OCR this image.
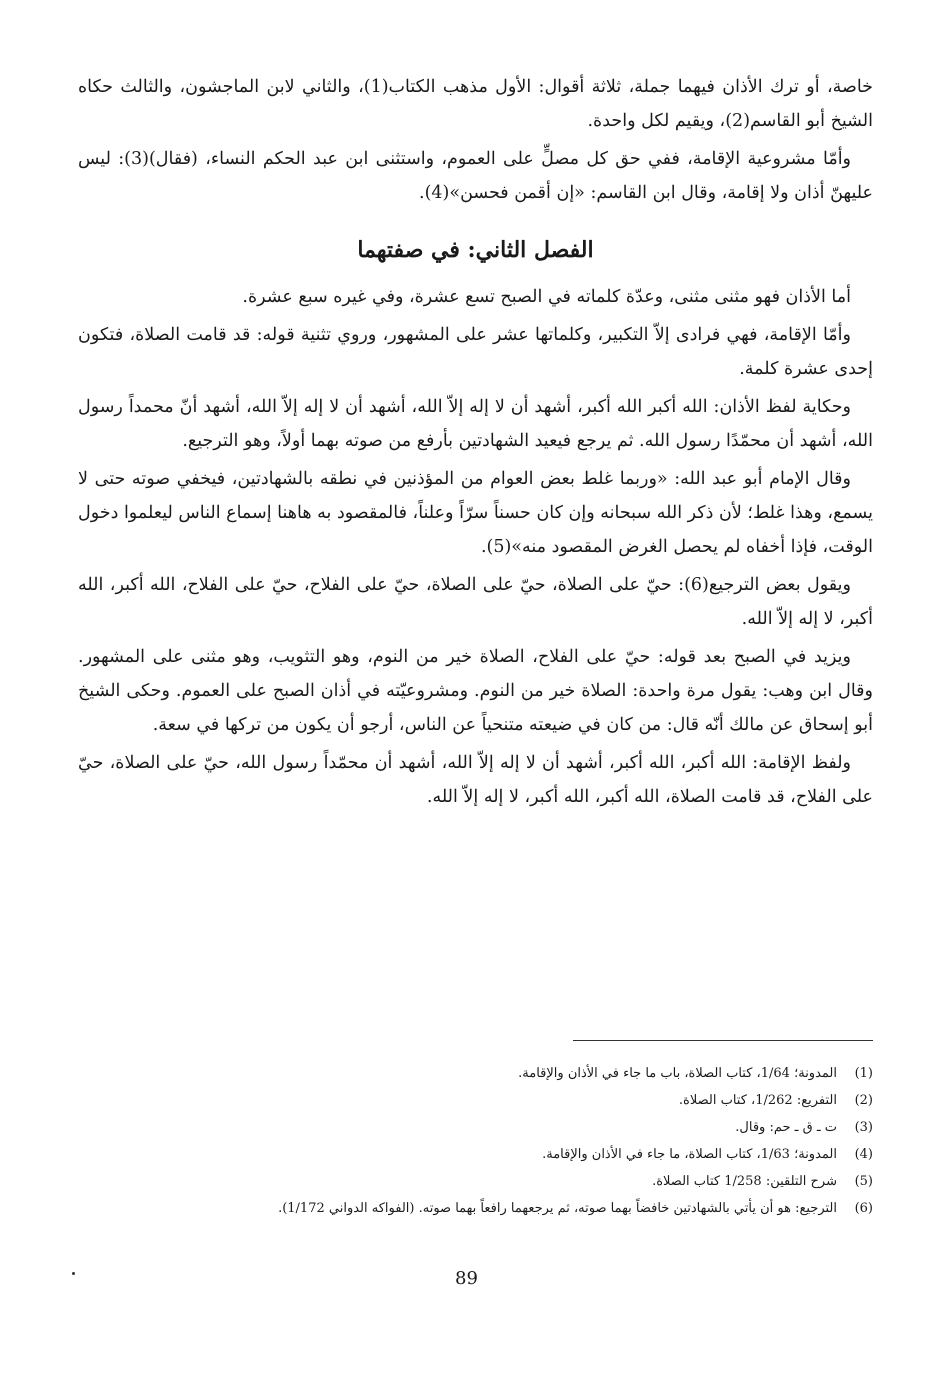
خاصة، أو ترك الأذان فيهما جملة، ثلاثة أقوال: الأول مذهب الكتاب(1)، والثاني لابن الماجشون، والثالث حكاه الشيخ أبو القاسم(2)، ويقيم لكل واحدة.

وأمّا مشروعية الإقامة، ففي حق كل مصلٍّ على العموم، واستثنى ابن عبد الحكم النساء، (فقال)(3): ليس عليهنّ أذان ولا إقامة، وقال ابن القاسم: «إن أقمن فحسن»(4).

الفصل الثاني: في صفتهما

أما الأذان فهو مثنى مثنى، وعدّة كلماته في الصبح تسع عشرة، وفي غيره سبع عشرة.

وأمّا الإقامة، فهي فرادى إلاّ التكبير، وكلماتها عشر على المشهور، وروي تثنية قوله: قد قامت الصلاة، فتكون إحدى عشرة كلمة.

وحكاية لفظ الأذان: الله أكبر الله أكبر، أشهد أن لا إله إلاّ الله، أشهد أن لا إله إلاّ الله، أشهد أنّ محمداً رسول الله، أشهد أن محمّدًا رسول الله. ثم يرجع فيعيد الشهادتين بأرفع من صوته بهما أولاً، وهو الترجيع.

وقال الإمام أبو عبد الله: «وربما غلط بعض العوام من المؤذنين في نطقه بالشهادتين، فيخفي صوته حتى لا يسمع، وهذا غلط؛ لأن ذكر الله سبحانه وإن كان حسناً سرّاً وعلناً، فالمقصود به هاهنا إسماع الناس ليعلموا دخول الوقت، فإذا أخفاه لم يحصل الغرض المقصود منه»(5).

ويقول بعض الترجيع(6): حيّ على الصلاة، حيّ على الصلاة، حيّ على الفلاح، حيّ على الفلاح، الله أكبر، الله أكبر، لا إله إلاّ الله.

ويزيد في الصبح بعد قوله: حيّ على الفلاح، الصلاة خير من النوم، وهو التثويب، وهو مثنى على المشهور. وقال ابن وهب: يقول مرة واحدة: الصلاة خير من النوم. ومشروعيّته في أذان الصبح على العموم. وحكى الشيخ أبو إسحاق عن مالك أنّه قال: من كان في ضيعته متنحياً عن الناس، أرجو أن يكون من تركها في سعة.

ولفظ الإقامة: الله أكبر، الله أكبر، أشهد أن لا إله إلاّ الله، أشهد أن محمّداً رسول الله، حيّ على الصلاة، حيّ على الفلاح، قد قامت الصلاة، الله أكبر، الله أكبر، لا إله إلاّ الله.

(1)
المدونة؛ 1/64، كتاب الصلاة، باب ما جاء في الأذان والإقامة.
(2)
التفريع: 1/262، كتاب الصلاة.
(3)
ت ـ ق ـ حم: وقال.
(4)
المدونة؛ 1/63، كتاب الصلاة، ما جاء في الأذان والإقامة.
(5)
شرح التلقين: 1/258 كتاب الصلاة.
(6)
الترجيع: هو أن يأتي بالشهادتين خافضاً بهما صوته، ثم يرجعهما رافعاً بهما صوته. (الفواكه الدواني 1/172).
89
